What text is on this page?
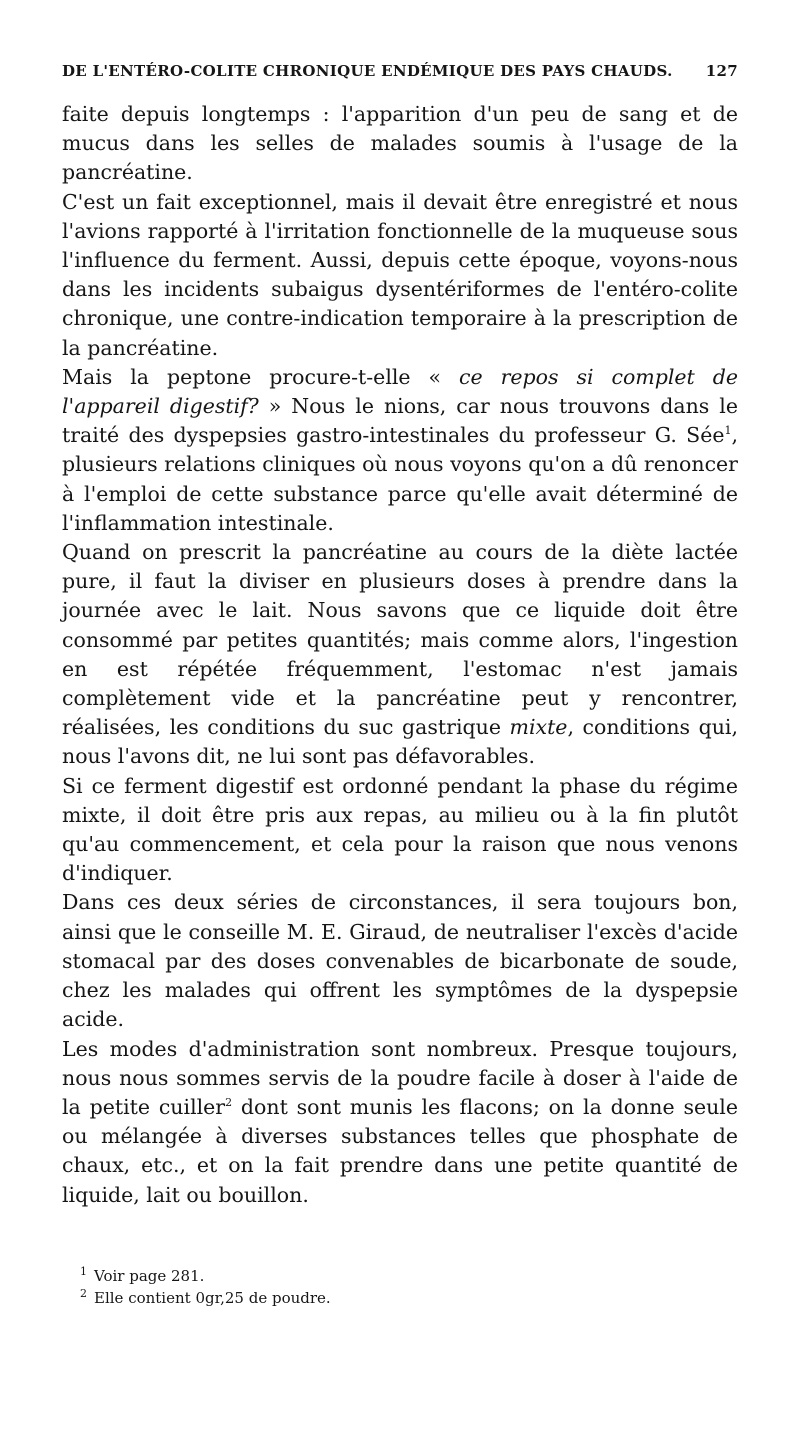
DE L'ENTÉRO-COLITE CHRONIQUE ENDÉMIQUE DES PAYS CHAUDS. 127

faite depuis longtemps : l'apparition d'un peu de sang et de mucus dans les selles de malades soumis à l'usage de la pancréatine.

C'est un fait exceptionnel, mais il devait être enregistré et nous l'avions rapporté à l'irritation fonctionnelle de la muqueuse sous l'influence du ferment. Aussi, depuis cette époque, voyons-nous dans les incidents subaigus dysentériformes de l'entéro-colite chronique, une contre-indication temporaire à la prescription de la pancréatine.

Mais la peptone procure-t-elle « ce repos si complet de l'appareil digestif? » Nous le nions, car nous trouvons dans le traité des dyspepsies gastro-intestinales du professeur G. Sée$^1$, plusieurs relations cliniques où nous voyons qu'on a dû renoncer à l'emploi de cette substance parce qu'elle avait déterminé de l'inflammation intestinale.

Quand on prescrit la pancréatine au cours de la diète lactée pure, il faut la diviser en plusieurs doses à prendre dans la journée avec le lait. Nous savons que ce liquide doit être consommé par petites quantités; mais comme alors, l'ingestion en est répétée fréquemment, l'estomac n'est jamais complètement vide et la pancréatine peut y rencontrer, réalisées, les conditions du suc gastrique mixte, conditions qui, nous l'avons dit, ne lui sont pas défavorables.

Si ce ferment digestif est ordonné pendant la phase du régime mixte, il doit être pris aux repas, au milieu ou à la fin plutôt qu'au commencement, et cela pour la raison que nous venons d'indiquer.

Dans ces deux séries de circonstances, il sera toujours bon, ainsi que le conseille M. E. Giraud, de neutraliser l'excès d'acide stomacal par des doses convenables de bicarbonate de soude, chez les malades qui offrent les symptômes de la dyspepsie acide.

Les modes d'administration sont nombreux. Presque toujours, nous nous sommes servis de la poudre facile à doser à l'aide de la petite cuiller$^2$ dont sont munis les flacons; on la donne seule ou mélangée à diverses substances telles que phosphate de chaux, etc., et on la fait prendre dans une petite quantité de liquide, lait ou bouillon.

1 Voir page 281.
2 Elle contient 0gr,25 de poudre.
